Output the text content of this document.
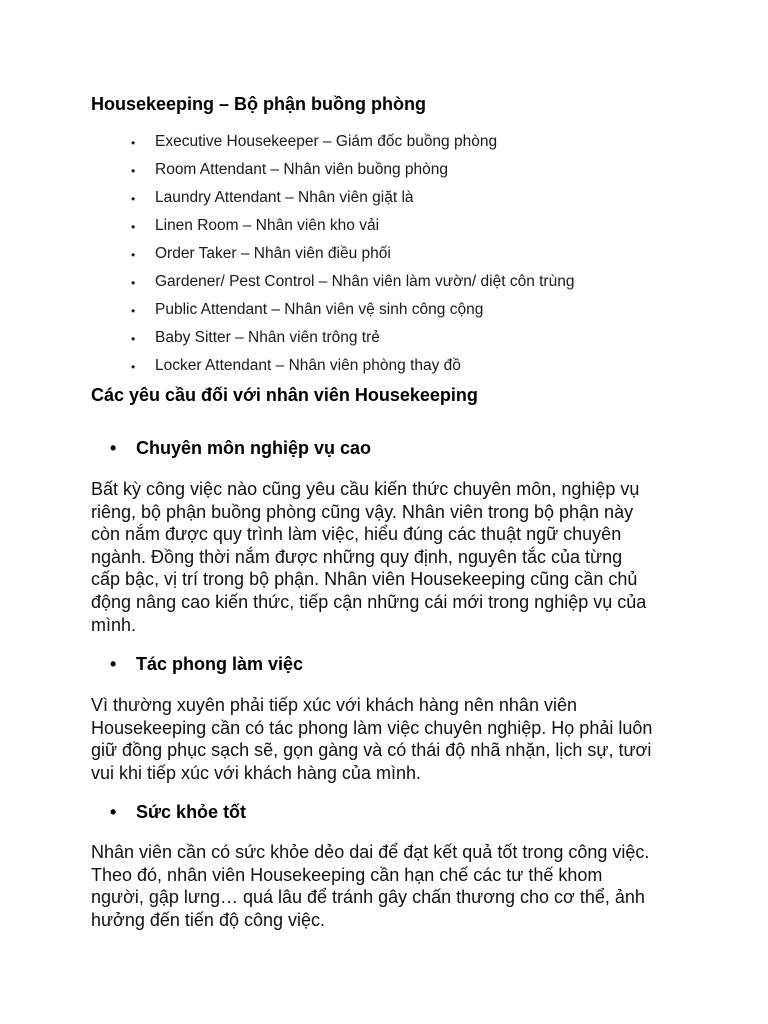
Housekeeping – Bộ phận buồng phòng
• Executive Housekeeper – Giám đốc buồng phòng
• Room Attendant – Nhân viên buồng phòng
• Laundry Attendant – Nhân viên giặt là
• Linen Room – Nhân viên kho vải
• Order Taker – Nhân viên điều phối
• Gardener/ Pest Control – Nhân viên làm vườn/ diệt côn trùng
• Public Attendant – Nhân viên vệ sinh công cộng
• Baby Sitter – Nhân viên trông trẻ
• Locker Attendant – Nhân viên phòng thay đồ
Các yêu cầu đối với nhân viên Housekeeping
• Chuyên môn nghiệp vụ cao

Bất kỳ công việc nào cũng yêu cầu kiến thức chuyên môn, nghiệp vụ
riêng, bộ phận buồng phòng cũng vậy. Nhân viên trong bộ phận này
còn nắm được quy trình làm việc, hiểu đúng các thuật ngữ chuyên
ngành. Đồng thời nắm được những quy định, nguyên tắc của từng
cấp bậc, vị trí trong bộ phận. Nhân viên Housekeeping cũng cần chủ
động nâng cao kiến thức, tiếp cận những cái mới trong nghiệp vụ của
mình.

• Tác phong làm việc

Vì thường xuyên phải tiếp xúc với khách hàng nên nhân viên
Housekeeping cần có tác phong làm việc chuyên nghiệp. Họ phải luôn
giữ đồng phục sạch sẽ, gọn gàng và có thái độ nhã nhặn, lịch sự, tươi
vui khi tiếp xúc với khách hàng của mình.

• Sức khỏe tốt

Nhân viên cần có sức khỏe dẻo dai để đạt kết quả tốt trong công việc.
Theo đó, nhân viên Housekeeping cần hạn chế các tư thế khom
người, gập lưng… quá lâu để tránh gây chấn thương cho cơ thể, ảnh
hưởng đến tiến độ công việc.
